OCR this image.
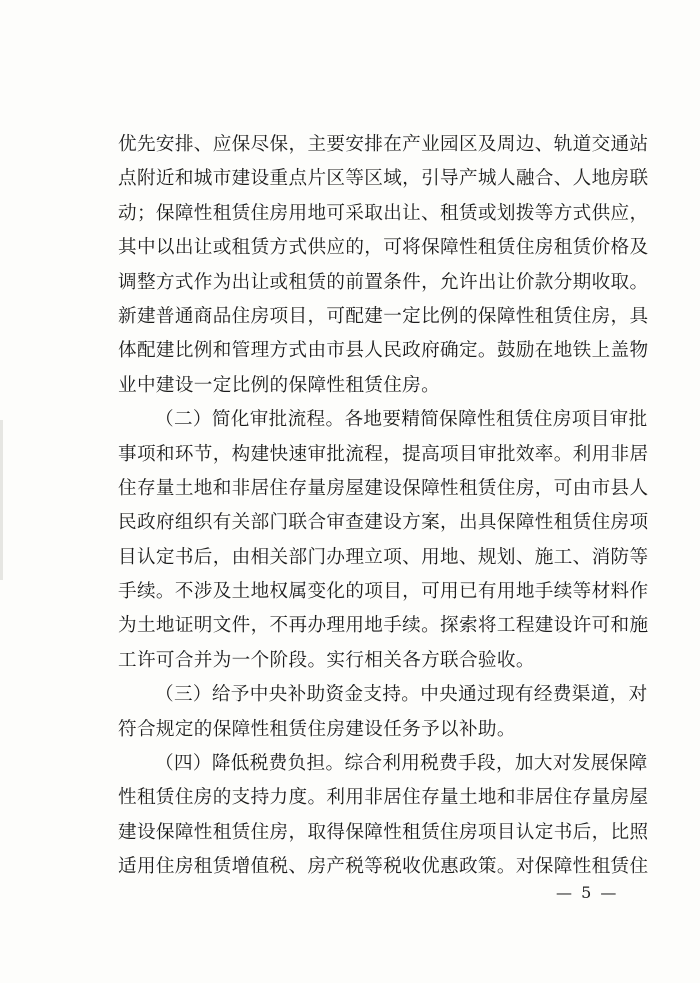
优先安排、应保尽保，主要安排在产业园区及周边、轨道交通站
点附近和城市建设重点片区等区域，引导产城人融合、人地房联
动；保障性租赁住房用地可采取出让、租赁或划拨等方式供应，
其中以出让或租赁方式供应的，可将保障性租赁住房租赁价格及
调整方式作为出让或租赁的前置条件，允许出让价款分期收取。
新建普通商品住房项目，可配建一定比例的保障性租赁住房，具
体配建比例和管理方式由市县人民政府确定。鼓励在地铁上盖物
业中建设一定比例的保障性租赁住房。
（二）简化审批流程。各地要精简保障性租赁住房项目审批
事项和环节，构建快速审批流程，提高项目审批效率。利用非居
住存量土地和非居住存量房屋建设保障性租赁住房，可由市县人
民政府组织有关部门联合审查建设方案，出具保障性租赁住房项
目认定书后，由相关部门办理立项、用地、规划、施工、消防等
手续。不涉及土地权属变化的项目，可用已有用地手续等材料作
为土地证明文件，不再办理用地手续。探索将工程建设许可和施
工许可合并为一个阶段。实行相关各方联合验收。
（三）给予中央补助资金支持。中央通过现有经费渠道，对
符合规定的保障性租赁住房建设任务予以补助。
（四）降低税费负担。综合利用税费手段，加大对发展保障
性租赁住房的支持力度。利用非居住存量土地和非居住存量房屋
建设保障性租赁住房，取得保障性租赁住房项目认定书后，比照
适用住房租赁增值税、房产税等税收优惠政策。对保障性租赁住
— 5 —
